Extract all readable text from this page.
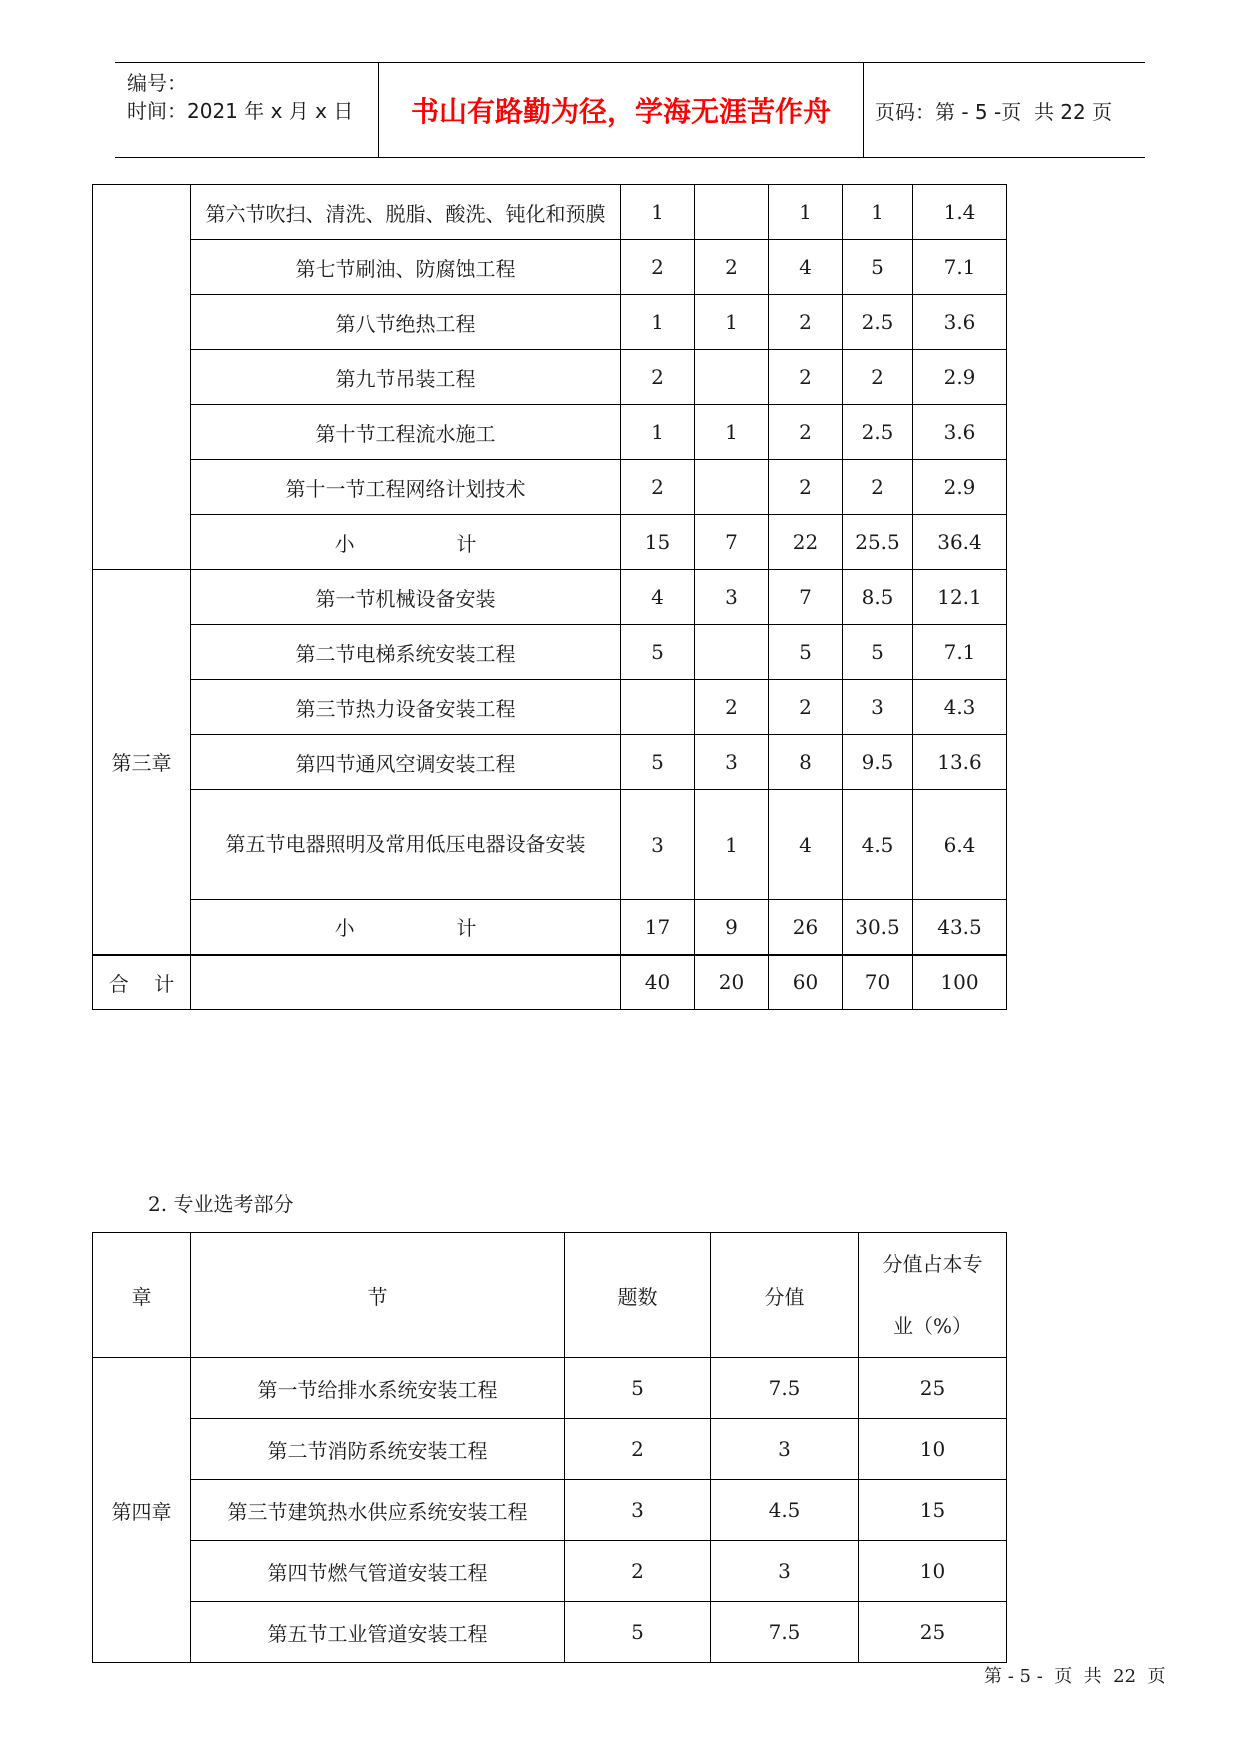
编号：
时间：2021 年 x 月 x 日	书山有路勤为径，学海无涯苦作舟	页码：第 - 5 -页  共 22 页
	第六节吹扫、清洗、脱脂、酸洗、钝化和预膜	1		1	1	1.4
	第七节刷油、防腐蚀工程	2	2	4	5	7.1
	第八节绝热工程	1	1	2	2.5	3.6
	第九节吊装工程	2		2	2	2.9
	第十节工程流水施工	1	1	2	2.5	3.6
	第十一节工程网络计划技术	2		2	2	2.9
	小                计	15	7	22	25.5	36.4
第三章	第一节机械设备安装	4	3	7	8.5	12.1
	第二节电梯系统安装工程	5		5	5	7.1
	第三节热力设备安装工程		2	2	3	4.3
	第四节通风空调安装工程	5	3	8	9.5	13.6
	第五节电器照明及常用低压电器设备安装	3	1	4	4.5	6.4
	小                计	17	9	26	30.5	43.5
合    计		40	20	60	70	100
2. 专业选考部分
章	节	题数	分值	分值占本专
业（%）
第四章	第一节给排水系统安装工程	5	7.5	25
	第二节消防系统安装工程	2	3	10
	第三节建筑热水供应系统安装工程	3	4.5	15
	第四节燃气管道安装工程	2	3	10
	第五节工业管道安装工程	5	7.5	25
第 - 5 -  页  共  22  页
